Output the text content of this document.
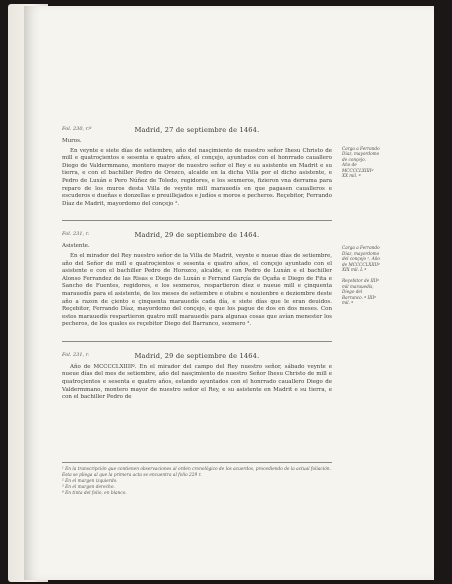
Fol. 230, r.º	Madrid, 27 de septiembre de 1464.
Muros.
En veynte e siete días de setiembre, año del nasçimiento de nuestro señor Ihesu Christo de mill e quatroçientos e sesenta e quatro años, el conçejo, ayuntados con el honrrado cauallero Diego de Valdermmano, montero mayor de nuestro señor el Rey e su asistente en Madrit e su tierra, e con el bachiller Pedro de Orozco, alcalde en la dicha Villa por el dicho asistente, e Pedro de Luxán e Pero Núñez de Toledo, regidores, e los sexmeros, fizieron vna derrama para reparo de los muros desta Villa de veynte mill marauedís en que pagasen caualleros e escuderos e dueñas e donzellas e preuillejados e judíos e moros e pecheros. Reçebitor, Ferrando Díaz de Madrit, mayordomo del conçejo ².
Carga a Ferrando Díaz, mayordomo de conçejo.
Año de MCCCCLXIIIIº
XX mil. ª
Fol. 231, r.	Madrid, 29 de septiembre de 1464.
Asistente.
En el mirador del Rey nuestro señor de la Villa de Madrit, veynte e nueue días de setiembre, año del Señor de mill e quatroçientos e sesenta e quatro años, el conçejo ayuntado con el asistente e con el bachiller Pedro de Horozco, alcalde, e con Pedro de Luxán e el bachiller Alonso Ferrandez de las Risas e Diego de Luxán e Ferrand Garçía de Oçaña e Diego de Fita e Sancho de Fuentes, regidores, e los sexmeros, respartieron diez e nueue mill e çinquenta marauedís para el asistente, de los meses de setiembre e otubre e nouienbre e deziembre deste año a razon de çiento e çinquenta marauedís cada día, e siete días que le eran deuidos. Reçebitor, Ferrando Díaz, mayordomo del conçejo, e que los pague de dos en dos meses. Con estos marauedís respartieron quatro mill marauedís para algunas cosas que avían menester los pecheros, de los quales es reçebitor Diego del Barranco, sexmero ³.
Carga a Ferrando Díaz, mayordomo del conçejo ², Año de MCCCCLXIIIIº XIX mil. L ª
Reçebitor de IIIIº mil marauedís, Diego del Barranco. ª IIIIº mil. ª
Fol. 231, r.	Madrid, 29 de septiembre de 1464.
Año de MCCCCLXIIIIº. En el mirador del campo del Rey nuestro señor, sábado veynte e nueue días del mes de setiembre, año del nasçimiento de nuestro Señor Ihesu Christo de mill e quatroçientos e sesenta e quatro años, estando ayuntados con el honrrado cauallero Diego de Valdermmano, montero mayor de nuestro señor el Rey, e su asistente en Madrit e su tierra, e con el bachiller Pedro de
¹ En la transcripción que contienen observaciones al orden cronológico de los acuerdos, procediendo de la actual foliación. Esta se pliega al que la primera acta se encuentra al folio 229 r.
² En el margen izquierdo.
³ En el margen derecho.
⁴ En tinta del folio, en blanco.
